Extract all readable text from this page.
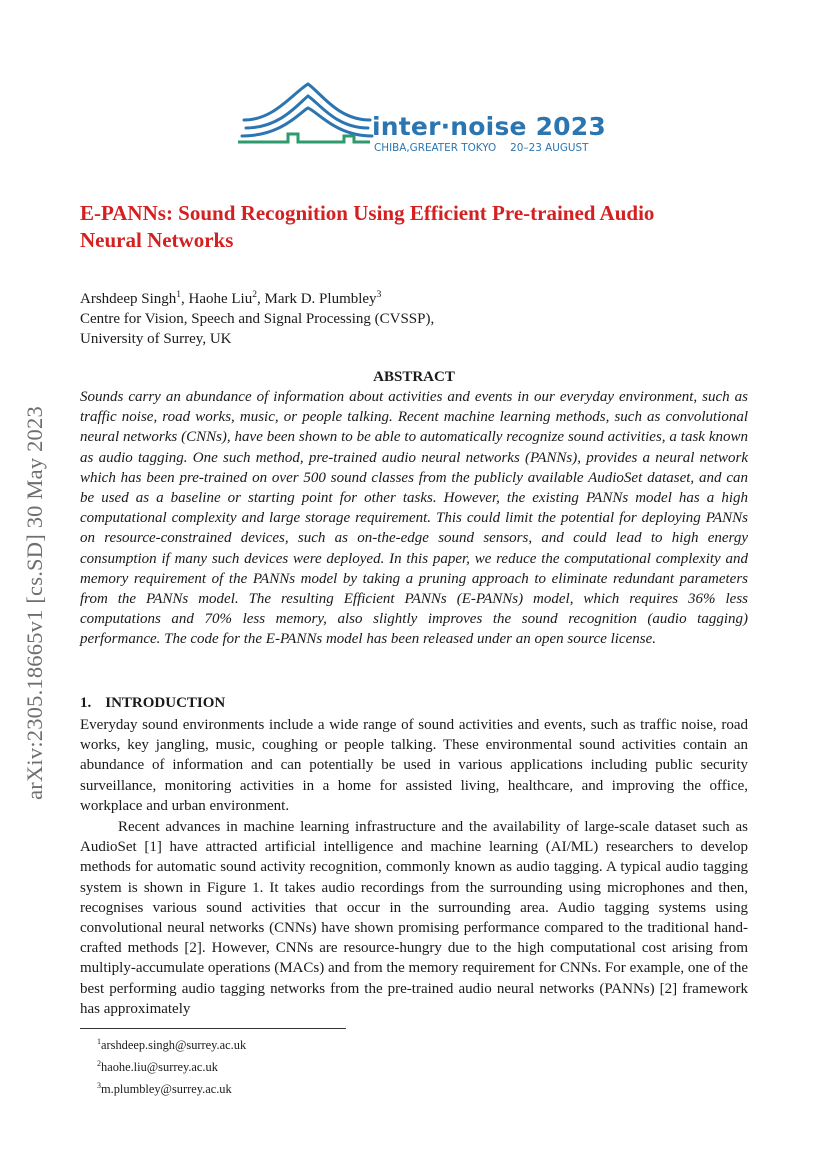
arXiv:2305.18665v1 [cs.SD] 30 May 2023
inter·noise 2023
CHIBA,GREATER TOKYO 20–23 AUGUST
E-PANNs: Sound Recognition Using Efficient Pre-trained Audio Neural Networks
Arshdeep Singh$^1$, Haohe Liu$^2$, Mark D. Plumbley$^3$
Centre for Vision, Speech and Signal Processing (CVSSP),
University of Surrey, UK
ABSTRACT

Sounds carry an abundance of information about activities and events in our everyday environment, such as traffic noise, road works, music, or people talking. Recent machine learning methods, such as convolutional neural networks (CNNs), have been shown to be able to automatically recognize sound activities, a task known as audio tagging. One such method, pre-trained audio neural networks (PANNs), provides a neural network which has been pre-trained on over 500 sound classes from the publicly available AudioSet dataset, and can be used as a baseline or starting point for other tasks. However, the existing PANNs model has a high computational complexity and large storage requirement. This could limit the potential for deploying PANNs on resource-constrained devices, such as on-the-edge sound sensors, and could lead to high energy consumption if many such devices were deployed. In this paper, we reduce the computational complexity and memory requirement of the PANNs model by taking a pruning approach to eliminate redundant parameters from the PANNs model. The resulting Efficient PANNs (E-PANNs) model, which requires 36% less computations and 70% less memory, also slightly improves the sound recognition (audio tagging) performance. The code for the E-PANNs model has been released under an open source license.

1. INTRODUCTION

Everyday sound environments include a wide range of sound activities and events, such as traffic noise, road works, key jangling, music, coughing or people talking. These environmental sound activities contain an abundance of information and can potentially be used in various applications including public security surveillance, monitoring activities in a home for assisted living, healthcare, and improving the office, workplace and urban environment.

Recent advances in machine learning infrastructure and the availability of large-scale dataset such as AudioSet [1] have attracted artificial intelligence and machine learning (AI/ML) researchers to develop methods for automatic sound activity recognition, commonly known as audio tagging. A typical audio tagging system is shown in Figure 1. It takes audio recordings from the surrounding using microphones and then, recognises various sound activities that occur in the surrounding area. Audio tagging systems using convolutional neural networks (CNNs) have shown promising performance compared to the traditional hand-crafted methods [2]. However, CNNs are resource-hungry due to the high computational cost arising from multiply-accumulate operations (MACs) and from the memory requirement for CNNs. For example, one of the best performing audio tagging networks from the pre-trained audio neural networks (PANNs) [2] framework has approximately

$^1$arshdeep.singh@surrey.ac.uk
$^2$haohe.liu@surrey.ac.uk
$^3$m.plumbley@surrey.ac.uk
